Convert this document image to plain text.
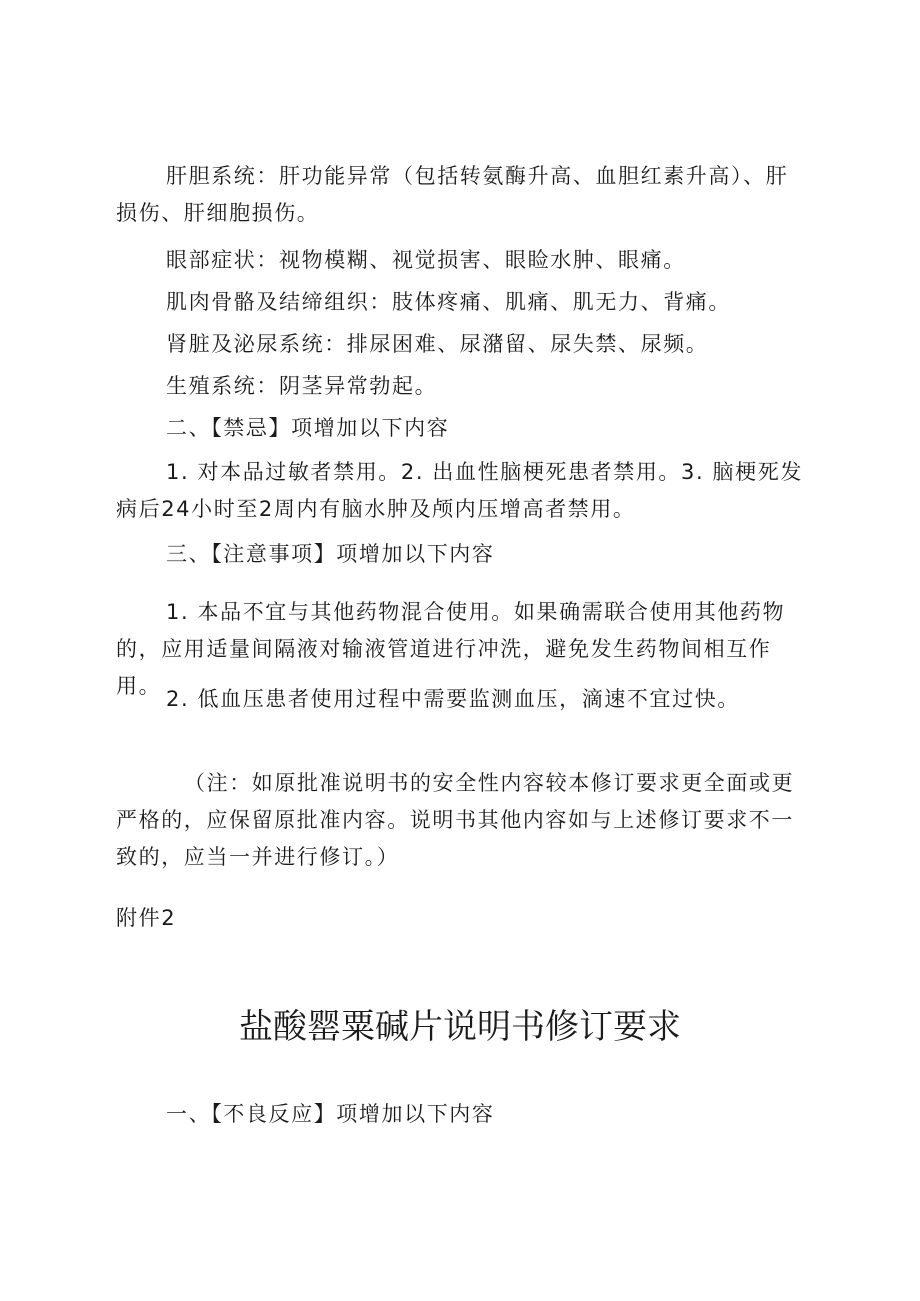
肝胆系统：肝功能异常（包括转氨酶升高、血胆红素升高）、肝损伤、肝细胞损伤。

眼部症状：视物模糊、视觉损害、眼睑水肿、眼痛。

肌肉骨骼及结缔组织：肢体疼痛、肌痛、肌无力、背痛。

肾脏及泌尿系统：排尿困难、尿潴留、尿失禁、尿频。

生殖系统：阴茎异常勃起。

二、【禁忌】项增加以下内容

1. 对本品过敏者禁用。2. 出血性脑梗死患者禁用。3. 脑梗死发病后24小时至2周内有脑水肿及颅内压增高者禁用。

三、【注意事项】项增加以下内容

1. 本品不宜与其他药物混合使用。如果确需联合使用其他药物的，应用适量间隔液对输液管道进行冲洗，避免发生药物间相互作用。

2. 低血压患者使用过程中需要监测血压，滴速不宜过快。

（注：如原批准说明书的安全性内容较本修订要求更全面或更严格的，应保留原批准内容。说明书其他内容如与上述修订要求不一致的，应当一并进行修订。）

附件2

盐酸罂粟碱片说明书修订要求

一、【不良反应】项增加以下内容
